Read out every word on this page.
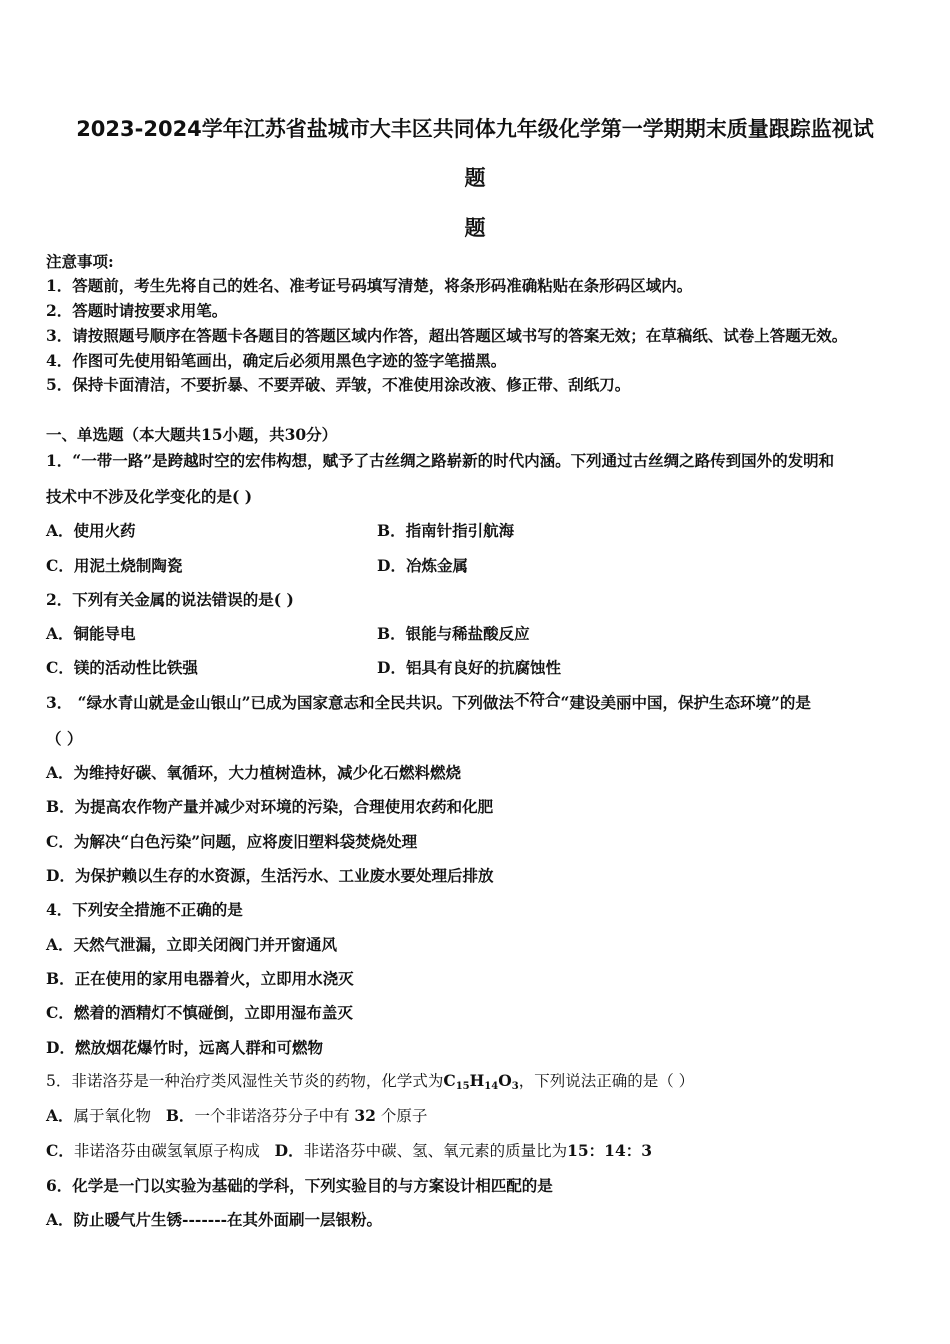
2023-2024学年江苏省盐城市大丰区共同体九年级化学第一学期期末质量跟踪监视试
题
题
注意事项:
1．答题前，考生先将自己的姓名、准考证号码填写清楚，将条形码准确粘贴在条形码区域内。
2．答题时请按要求用笔。
3．请按照题号顺序在答题卡各题目的答题区域内作答，超出答题区域书写的答案无效；在草稿纸、试卷上答题无效。
4．作图可先使用铅笔画出，确定后必须用黑色字迹的签字笔描黑。
5．保持卡面清洁，不要折暴、不要弄破、弄皱，不准使用涂改液、修正带、刮纸刀。
一、单选题（本大题共15小题，共30分）
1．“一带一路”是跨越时空的宏伟构想，赋予了古丝绸之路崭新的时代内涵。下列通过古丝绸之路传到国外的发明和
技术中不涉及化学变化的是( )
A．使用火药	B．指南针指引航海
C．用泥土烧制陶瓷	D．冶炼金属
2．下列有关金属的说法错误的是( )
A．铜能导电	B．银能与稀盐酸反应
C．镁的活动性比铁强	D．铝具有良好的抗腐蚀性
3． “绿水青山就是金山银山”已成为国家意志和全民共识。下列做法不符合“建设美丽中国，保护生态环境”的是
（ ）
A．为维持好碳、氧循环，大力植树造林，减少化石燃料燃烧
B．为提高农作物产量并减少对环境的污染，合理使用农药和化肥
C．为解决“白色污染”问题，应将废旧塑料袋焚烧处理
D．为保护赖以生存的水资源，生活污水、工业废水要处理后排放
4．下列安全措施不正确的是
A．天然气泄漏，立即关闭阀门并开窗通风
B．正在使用的家用电器着火，立即用水浇灭
C．燃着的酒精灯不慎碰倒，立即用湿布盖灭
D．燃放烟花爆竹时，远离人群和可燃物
5．非诺洛芬是一种治疗类风湿性关节炎的药物，化学式为$C_{15}H_{14}O_3$，下列说法正确的是（ ）
A．属于氧化物 B．一个非诺洛芬分子中有 32 个原子
C．非诺洛芬由碳氢氧原子构成 D．非诺洛芬中碳、氢、氧元素的质量比为15：14：3
6．化学是一门以实验为基础的学科，下列实验目的与方案设计相匹配的是
A．防止暖气片生锈-------在其外面刷一层银粉。
